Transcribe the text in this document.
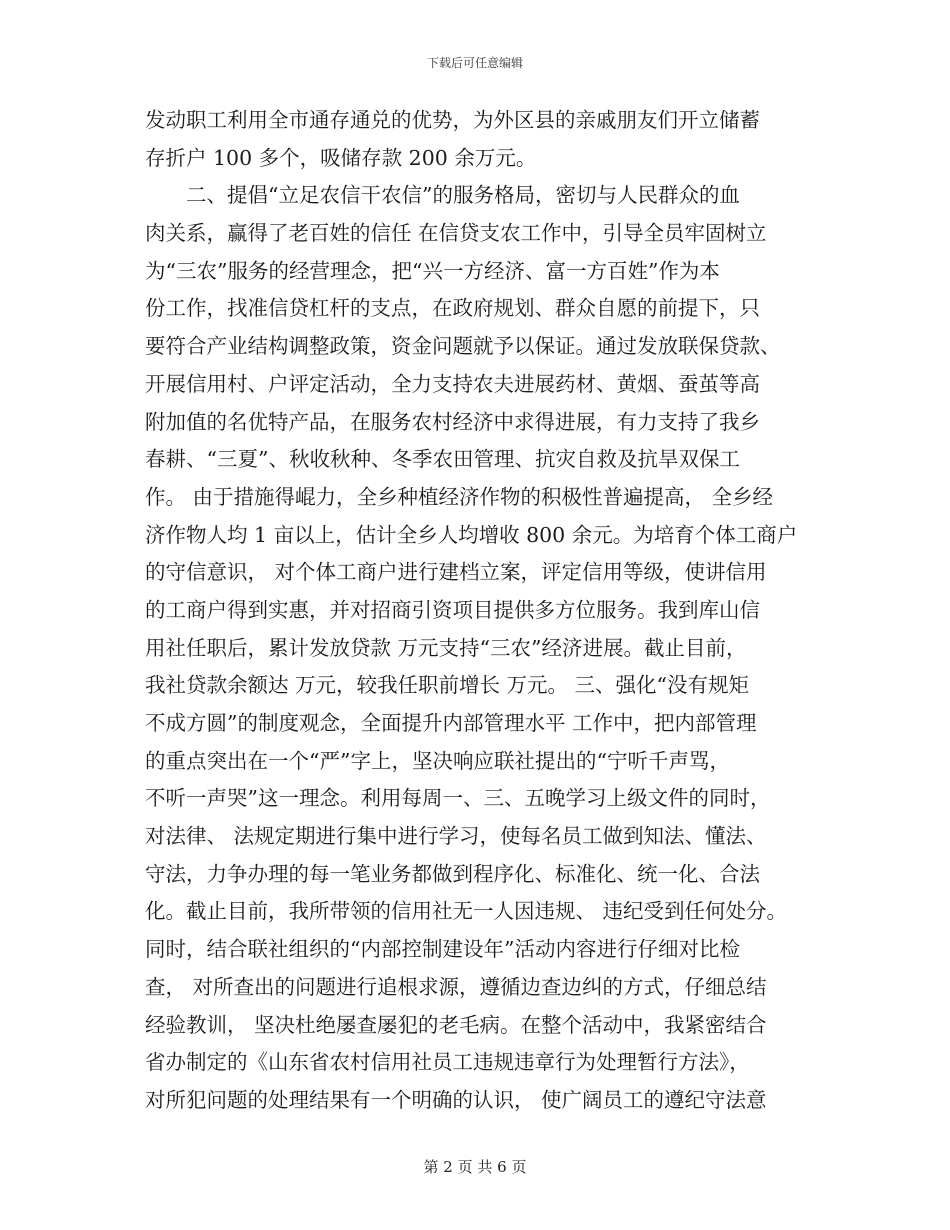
下载后可任意编辑
发动职工利用全市通存通兑的优势，为外区县的亲戚朋友们开立储蓄
存折户 100 多个，吸储存款 200 余万元。
　　二、提倡“立足农信干农信”的服务格局，密切与人民群众的血
肉关系，赢得了老百姓的信任 在信贷支农工作中，引导全员牢固树立
为“三农”服务的经营理念，把“兴一方经济、富一方百姓”作为本
份工作，找准信贷杠杆的支点，在政府规划、群众自愿的前提下，只
要符合产业结构调整政策，资金问题就予以保证。通过发放联保贷款、
开展信用村、户评定活动，全力支持农夫进展药材、黄烟、蚕茧等高
附加值的名优特产品，在服务农村经济中求得进展，有力支持了我乡
春耕、“三夏”、秋收秋种、冬季农田管理、抗灾自救及抗旱双保工
作。 由于措施得崐力，全乡种植经济作物的积极性普遍提高， 全乡经
济作物人均 1 亩以上，估计全乡人均增收 800 余元。为培育个体工商户
的守信意识， 对个体工商户进行建档立案，评定信用等级，使讲信用
的工商户得到实惠，并对招商引资项目提供多方位服务。我到库山信
用社任职后，累计发放贷款 万元支持“三农”经济进展。截止目前，
我社贷款余额达 万元，较我任职前增长 万元。 三、强化“没有规矩
不成方圆”的制度观念，全面提升内部管理水平 工作中，把内部管理
的重点突出在一个“严”字上，坚决响应联社提出的“宁听千声骂，
不听一声哭”这一理念。利用每周一、三、五晚学习上级文件的同时，
对法律、 法规定期进行集中进行学习，使每名员工做到知法、懂法、
守法，力争办理的每一笔业务都做到程序化、标准化、统一化、合法
化。截止目前，我所带领的信用社无一人因违规、 违纪受到任何处分。
同时，结合联社组织的“内部控制建设年”活动内容进行仔细对比检
查， 对所查出的问题进行追根求源，遵循边查边纠的方式，仔细总结
经验教训， 坚决杜绝屡查屡犯的老毛病。在整个活动中，我紧密结合
省办制定的《山东省农村信用社员工违规违章行为处理暂行方法》，
对所犯问题的处理结果有一个明确的认识， 使广阔员工的遵纪守法意
第 2 页 共 6 页
